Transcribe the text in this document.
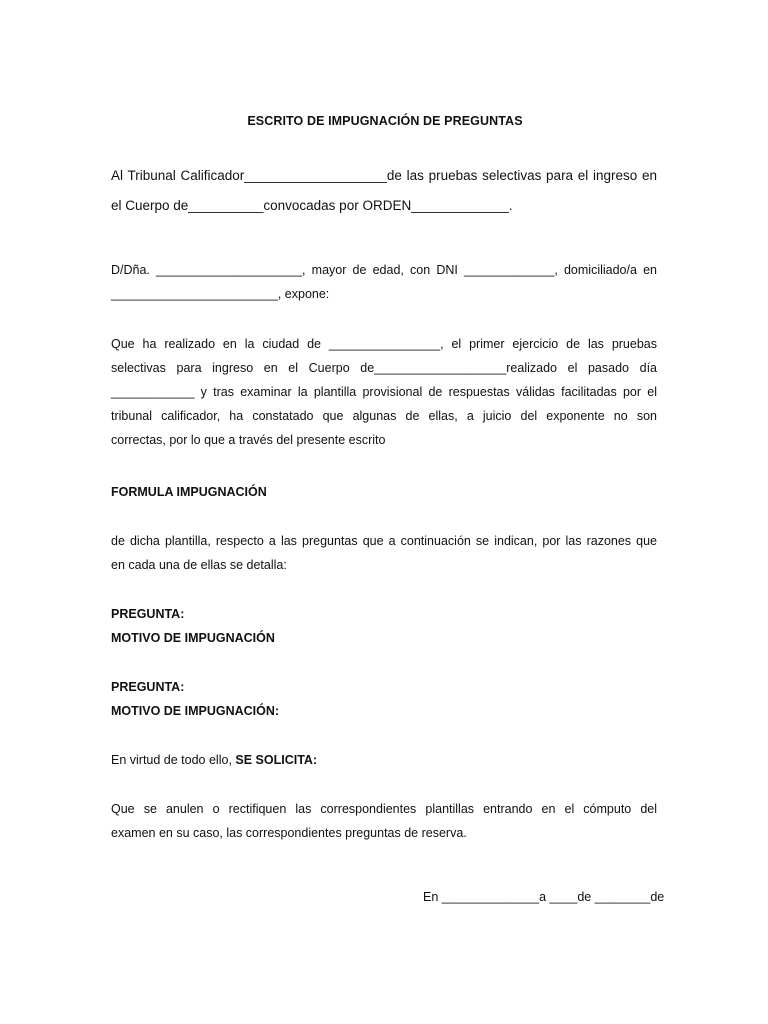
ESCRITO DE IMPUGNACIÓN DE PREGUNTAS
Al Tribunal Calificador___________________de las pruebas selectivas para el ingreso en
el Cuerpo de__________convocadas por ORDEN_____________.
D/Dña. _____________________, mayor de edad, con DNI _____________, domiciliado/a en
________________________, expone:
Que ha realizado en la ciudad de ________________, el primer ejercicio de las pruebas
selectivas para ingreso en el Cuerpo de___________________realizado el pasado día
____________ y tras examinar la plantilla provisional de respuestas válidas facilitadas por el
tribunal calificador, ha constatado que algunas de ellas, a juicio del exponente no son
correctas, por lo que a través del presente escrito
FORMULA IMPUGNACIÓN
de dicha plantilla, respecto a las preguntas que a continuación se indican, por las razones que
en cada una de ellas se detalla:
PREGUNTA:
MOTIVO DE IMPUGNACIÓN
PREGUNTA:
MOTIVO DE IMPUGNACIÓN:
En virtud de todo ello, SE SOLICITA:
Que se anulen o rectifiquen las correspondientes plantillas entrando en el cómputo del
examen en su caso, las correspondientes preguntas de reserva.
En ______________a ____de ________de
